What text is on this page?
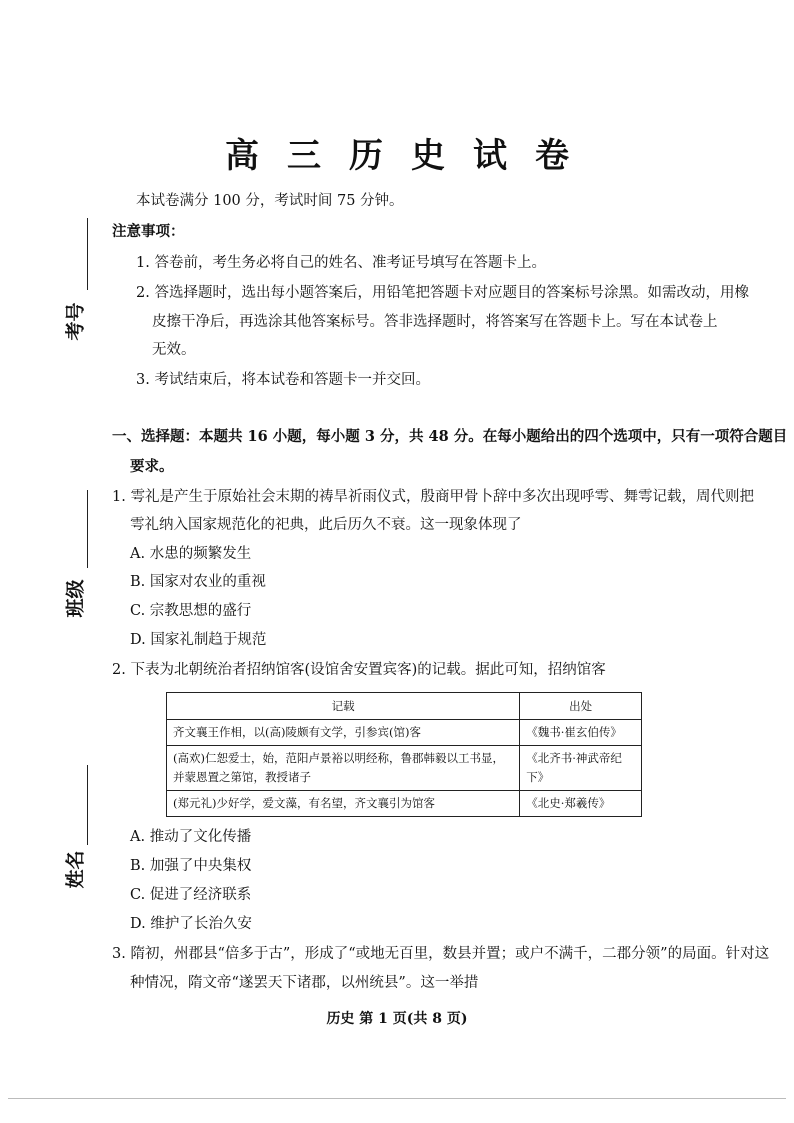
高三历史试卷
考号
班级
姓名
本试卷满分 100 分，考试时间 75 分钟。
注意事项：
1. 答卷前，考生务必将自己的姓名、准考证号填写在答题卡上。
2. 答选择题时，选出每小题答案后，用铅笔把答题卡对应题目的答案标号涂黑。如需改动，用橡
皮擦干净后，再选涂其他答案标号。答非选择题时，将答案写在答题卡上。写在本试卷上
无效。
3. 考试结束后，将本试卷和答题卡一并交回。
一、选择题：本题共 16 小题，每小题 3 分，共 48 分。在每小题给出的四个选项中，只有一项符合题目
要求。
1. 雩礼是产生于原始社会末期的祷旱祈雨仪式，殷商甲骨卜辞中多次出现呼雩、舞雩记载，周代则把
雩礼纳入国家规范化的祀典，此后历久不衰。这一现象体现了
A. 水患的频繁发生
B. 国家对农业的重视
C. 宗教思想的盛行
D. 国家礼制趋于规范
2. 下表为北朝统治者招纳馆客(设馆舍安置宾客)的记载。据此可知，招纳馆客
记载	出处
齐文襄王作相，以(高)陵颇有文学，引参宾(馆)客	《魏书·崔玄伯传》
(高欢)仁恕爱士，始，范阳卢景裕以明经称，鲁郡韩毅以工书显，并蒙恩置之第馆，教授诸子	《北齐书·神武帝纪下》
(郑元礼)少好学，爱文藻，有名望，齐文襄引为馆客	《北史·郑羲传》
A. 推动了文化传播
B. 加强了中央集权
C. 促进了经济联系
D. 维护了长治久安
3. 隋初，州郡县“倍多于古”，形成了“或地无百里，数县并置；或户不满千，二郡分领”的局面。针对这
种情况，隋文帝“遂罢天下诸郡，以州统县”。这一举措
历史 第 1 页(共 8 页)
